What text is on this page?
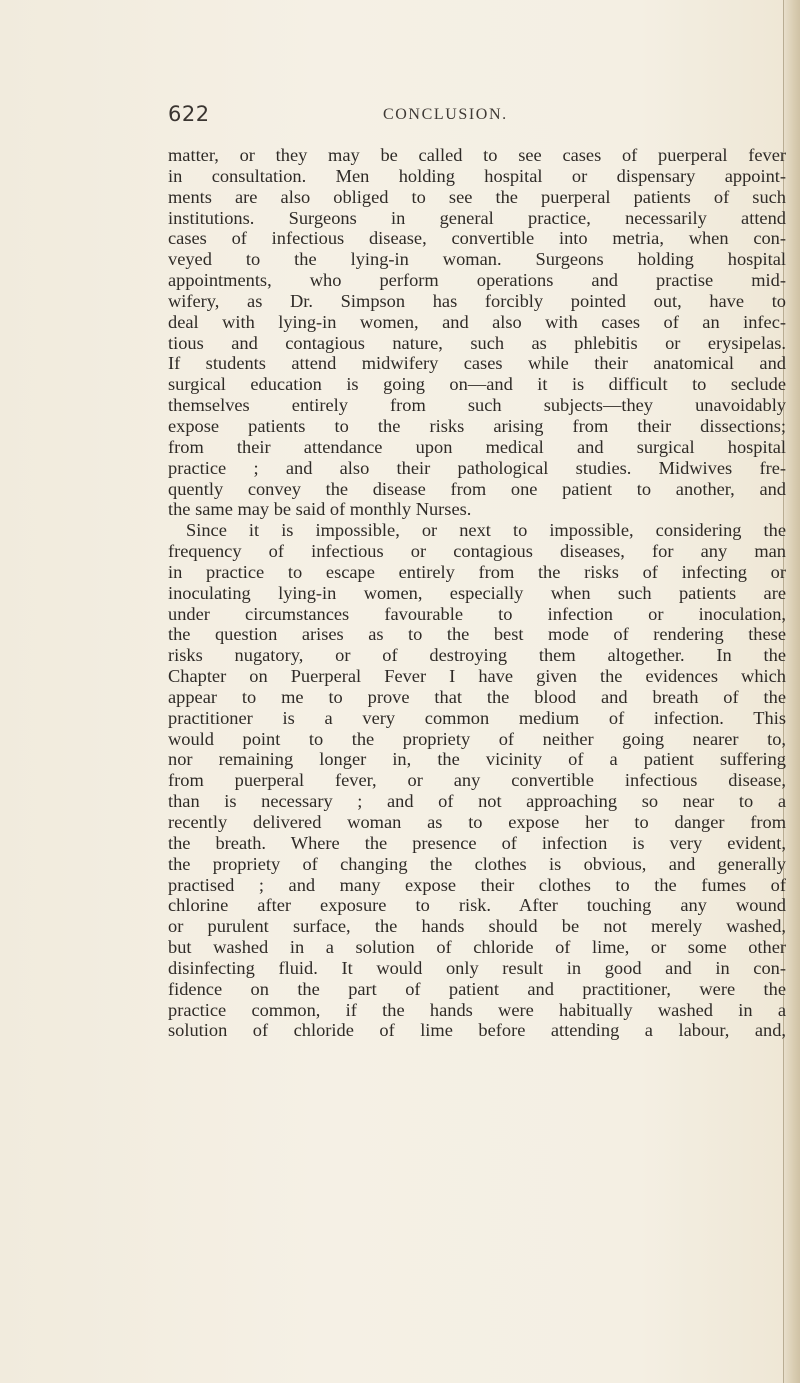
622	CONCLUSION.
matter, or they may be called to see cases of puerperal fever
in consultation. Men holding hospital or dispensary appoint-
ments are also obliged to see the puerperal patients of such
institutions. Surgeons in general practice, necessarily attend
cases of infectious disease, convertible into metria, when con-
veyed to the lying-in woman. Surgeons holding hospital
appointments, who perform operations and practise mid-
wifery, as Dr. Simpson has forcibly pointed out, have to
deal with lying-in women, and also with cases of an infec-
tious and contagious nature, such as phlebitis or erysipelas.
If students attend midwifery cases while their anatomical and
surgical education is going on—and it is difficult to seclude
themselves entirely from such subjects—they unavoidably
expose patients to the risks arising from their dissections;
from their attendance upon medical and surgical hospital
practice ; and also their pathological studies. Midwives fre-
quently convey the disease from one patient to another, and
the same may be said of monthly Nurses.
Since it is impossible, or next to impossible, considering the
frequency of infectious or contagious diseases, for any man
in practice to escape entirely from the risks of infecting or
inoculating lying-in women, especially when such patients are
under circumstances favourable to infection or inoculation,
the question arises as to the best mode of rendering these
risks nugatory, or of destroying them altogether. In the
Chapter on Puerperal Fever I have given the evidences which
appear to me to prove that the blood and breath of the
practitioner is a very common medium of infection. This
would point to the propriety of neither going nearer to,
nor remaining longer in, the vicinity of a patient suffering
from puerperal fever, or any convertible infectious disease,
than is necessary ; and of not approaching so near to a
recently delivered woman as to expose her to danger from
the breath. Where the presence of infection is very evident,
the propriety of changing the clothes is obvious, and generally
practised ; and many expose their clothes to the fumes of
chlorine after exposure to risk. After touching any wound
or purulent surface, the hands should be not merely washed,
but washed in a solution of chloride of lime, or some other
disinfecting fluid. It would only result in good and in con-
fidence on the part of patient and practitioner, were the
practice common, if the hands were habitually washed in a
solution of chloride of lime before attending a labour, and,
